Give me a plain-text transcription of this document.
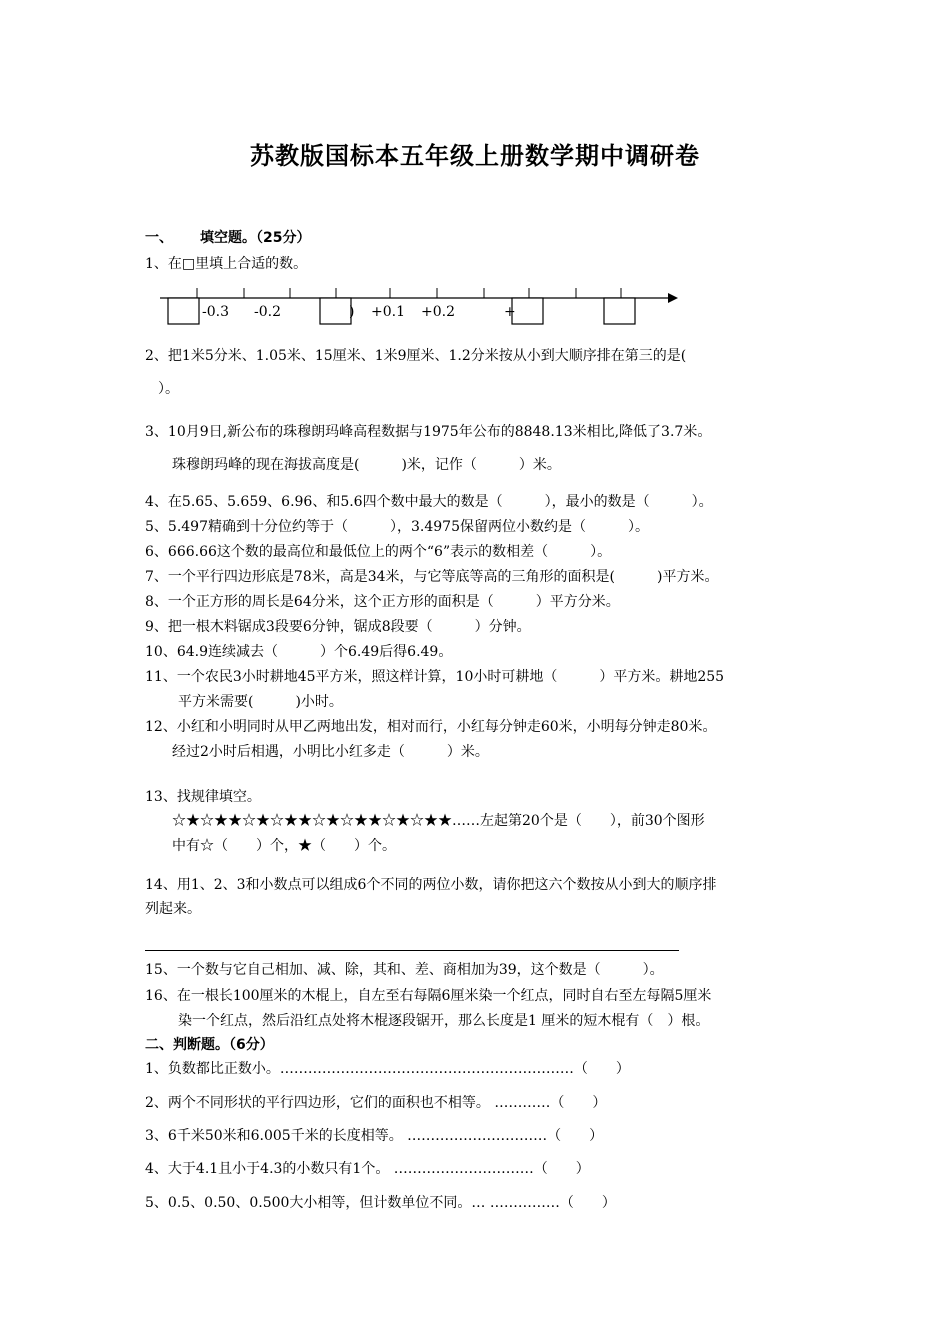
苏教版国标本五年级上册数学期中调研卷
一、 填空题。（25分）
1、在□里填上合适的数。
-0.3 -0.2	) +0.1 +0.2	+
2、把1米5分米、1.05米、15厘米、1米9厘米、1.2分米按从小到大顺序排在第三的是(
）。
3、10月9日,新公布的珠穆朗玛峰高程数据与1975年公布的8848.13米相比,降低了3.7米。
珠穆朗玛峰的现在海拔高度是(　　　)米，记作（　　　）米。
4、在5.65、5.659、6.96、和5.6四个数中最大的数是（　　　），最小的数是（　　　）。
5、5.497精确到十分位约等于（　　　），3.4975保留两位小数约是（　　　）。
6、666.66这个数的最高位和最低位上的两个“6”表示的数相差（　　　）。
7、一个平行四边形底是78米，高是34米，与它等底等高的三角形的面积是(　　　)平方米。
8、一个正方形的周长是64分米，这个正方形的面积是（　　　）平方分米。
9、把一根木料锯成3段要6分钟，锯成8段要（　　　）分钟。
10、64.9连续减去（　　　）个6.49后得6.49。
11、一个农民3小时耕地45平方米，照这样计算，10小时可耕地（　　　）平方米。耕地255
平方米需要(　　　)小时。
12、小红和小明同时从甲乙两地出发，相对而行，小红每分钟走60米，小明每分钟走80米。
经过2小时后相遇，小明比小红多走（　　　）米。
13、找规律填空。
☆★☆★★☆★☆★★☆★☆★★☆★☆★★……左起第20个是（　　），前30个图形
中有☆（　　）个，★（　　）个。
14、用1、2、3和小数点可以组成6个不同的两位小数，请你把这六个数按从小到大的顺序排
列起来。
15、一个数与它自己相加、减、除，其和、差、商相加为39，这个数是（　　　）。
16、在一根长100厘米的木棍上，自左至右每隔6厘米染一个红点，同时自右至左每隔5厘米
染一个红点，然后沿红点处将木棍逐段锯开，那么长度是1 厘米的短木棍有（　）根。
二、判断题。（6分）
1、负数都比正数小。………………………………………………………（　　）
2、两个不同形状的平行四边形，它们的面积也不相等。 …………（　　）
3、6千米50米和6.005千米的长度相等。 …………………………（　　）
4、大于4.1且小于4.3的小数只有1个。 …………………………（　　）
5、0.5、0.50、0.500大小相等，但计数单位不同。… ……………（　　）
